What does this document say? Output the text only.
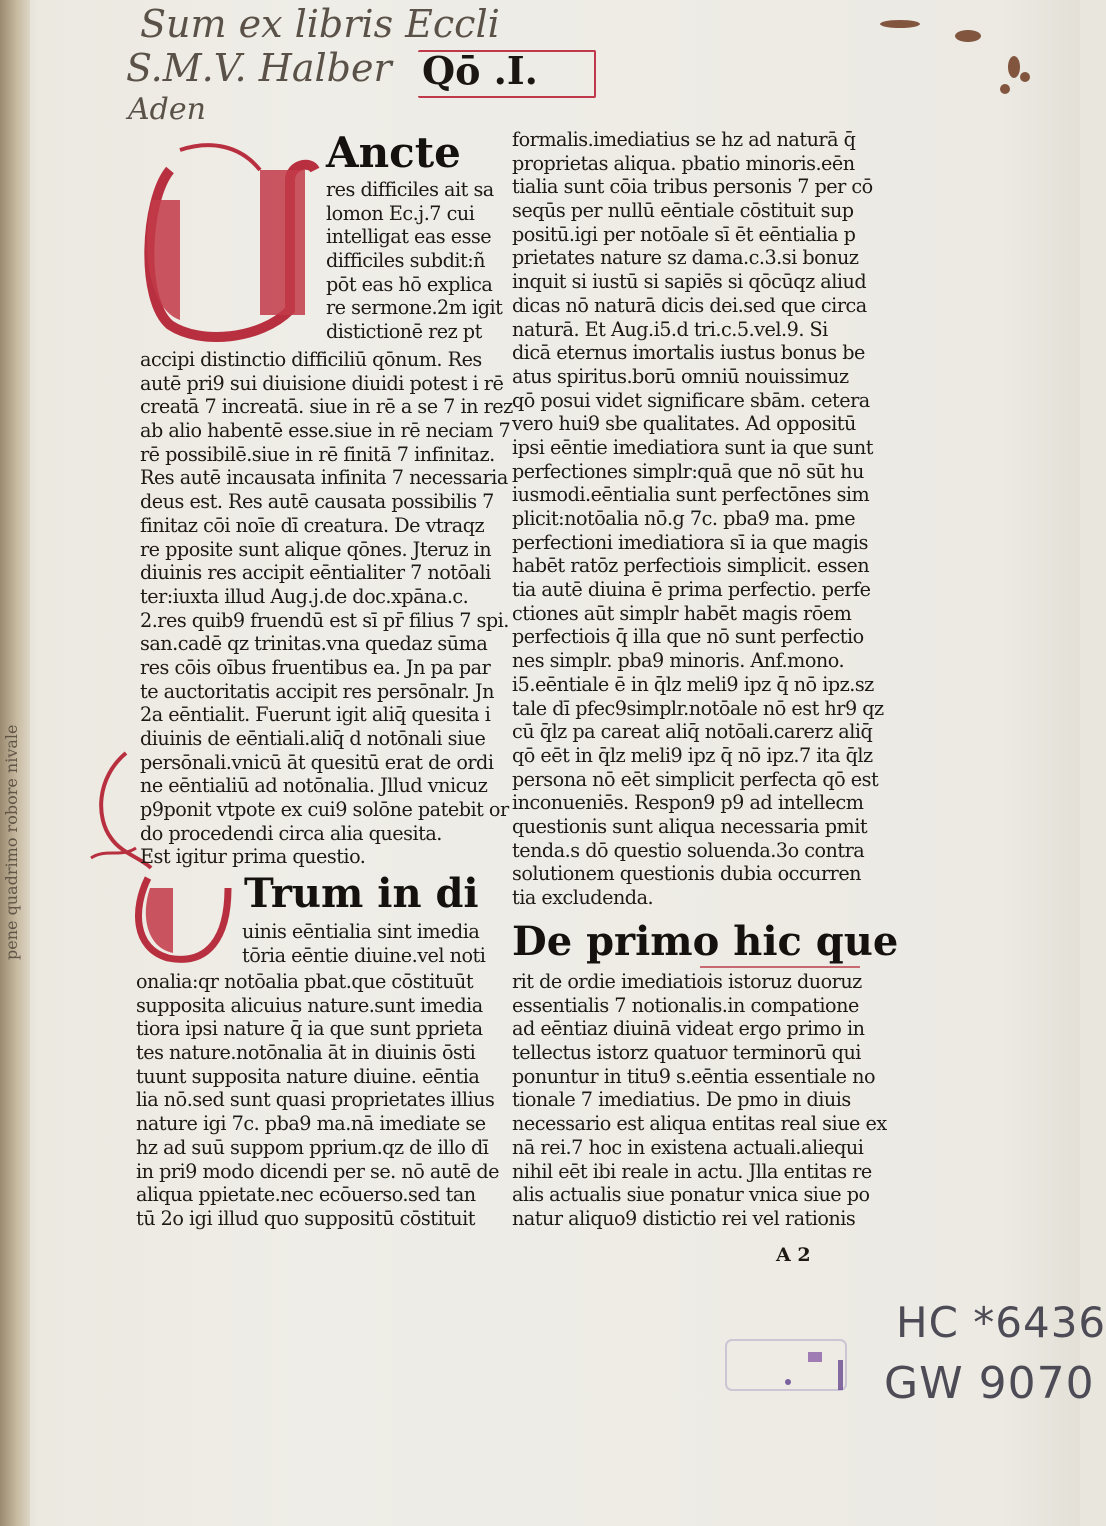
pene quadrimo robore nivale
Sum ex libris Eccli
S.M.V. Halber
Aden
Qō .I.
Ancte
res difficiles ait sa
lomon Ec.j.7 cui
intelligat eas esse
difficiles subdit:ñ
pōt eas hō explica
re sermone.2m igit
distictionē rez pt
accipi distinctio difficiliū qōnum. Res
autē pri9 sui diuisione diuidi potest i rē
creatā 7 increatā. siue in rē a se 7 in rez
ab alio habentē esse.siue in rē neciam 7
rē possibilē.siue in rē finitā 7 infinitaz.
Res autē incausata infinita 7 necessaria
deus est. Res autē causata possibilis 7
finitaz cōi noīe dī creatura. De vtraqz
re pposite sunt alique qōnes. Jteruz in
diuinis res accipit eēntialiter 7 notōali
ter:iuxta illud Aug.j.de doc.xpāna.c.
2.res quib9 fruendū est sī pr̄ filius 7 spi.
san.cadē qz trinitas.vna quedaz sūma
res cōis oībus fruentibus ea. Jn pa par
te auctoritatis accipit res persōnalr. Jn
2a eēntialit. Fuerunt igit aliq̄ quesita i
diuinis de eēntiali.aliq̄ d notōnali siue
persōnali.vnicū āt quesitū erat de ordi
ne eēntialiū ad notōnalia. Jllud vnicuz
p9ponit vtpote ex cui9 solōne patebit or
do procedendi circa alia quesita.
Est igitur prima questio.
Trum in di
uinis eēntialia sint imedia
tōria eēntie diuine.vel noti
onalia:qr notōalia pbat.que cōstituūt
supposita alicuius nature.sunt imedia
tiora ipsi nature q̄ ia que sunt pprieta
tes nature.notōnalia āt in diuinis ōsti
tuunt supposita nature diuine. eēntia
lia nō.sed sunt quasi proprietates illius
nature igi 7c. pba9 ma.nā imediate se
hz ad suū suppom pprium.qz de illo dī
in pri9 modo dicendi per se. nō autē de
aliqua ppietate.nec ecōuerso.sed tan
tū 2o igi illud quo suppositū cōstituit
formalis.imediatius se hz ad naturā q̄
proprietas aliqua. pbatio minoris.eēn
tialia sunt cōia tribus personis 7 per cō
seqūs per nullū eēntiale cōstituit sup
positū.igi per notōale sī ēt eēntialia p
prietates nature sz dama.c.3.si bonuz
inquit si iustū si sapiēs si qōcūqz aliud
dicas nō naturā dicis dei.sed que circa
naturā. Et Aug.i5.d tri.c.5.vel.9. Si
dicā eternus imortalis iustus bonus be
atus spiritus.borū omniū nouissimuz
qō posui videt significare sbām. cetera
vero hui9 sbe qualitates. Ad oppositū
ipsi eēntie imediatiora sunt ia que sunt
perfectiones simplr:quā que nō sūt hu
iusmodi.eēntialia sunt perfectōnes sim
plicit:notōalia nō.g 7c. pba9 ma. pme
perfectioni imediatiora sī ia que magis
habēt ratōz perfectiois simplicit. essen
tia autē diuina ē prima perfectio. perfe
ctiones aūt simplr habēt magis rōem
perfectiois q̄ illa que nō sunt perfectio
nes simplr. pba9 minoris. Anf.mono.
i5.eēntiale ē in q̄lz meli9 ipz q̄ nō ipz.sz
tale dī pfec9simplr.notōale nō est hr9 qz
cū q̄lz pa careat aliq̄ notōali.carerz aliq̄
qō eēt in q̄lz meli9 ipz q̄ nō ipz.7 ita q̄lz
persona nō eēt simplicit perfecta qō est
inconueniēs. Respon9 p9 ad intellecm
questionis sunt aliqua necessaria pmit
tenda.s dō questio soluenda.3o contra
solutionem questionis dubia occurren
tia excludenda.
De primo hic que
rit de ordie imediatiois istoruz duoruz
essentialis 7 notionalis.in compatione
ad eēntiaz diuinā videat ergo primo in
tellectus istorz quatuor terminorū qui
ponuntur in titu9 s.eēntia essentiale no
tionale 7 imediatius. De pmo in diuis
necessario est aliqua entitas real siue ex
nā rei.7 hoc in existena actuali.aliequi
nihil eēt ibi reale in actu. Jlla entitas re
alis actualis siue ponatur vnica siue po
natur aliquo9 distictio rei vel rationis
A 2
HC *6436
GW 9070
